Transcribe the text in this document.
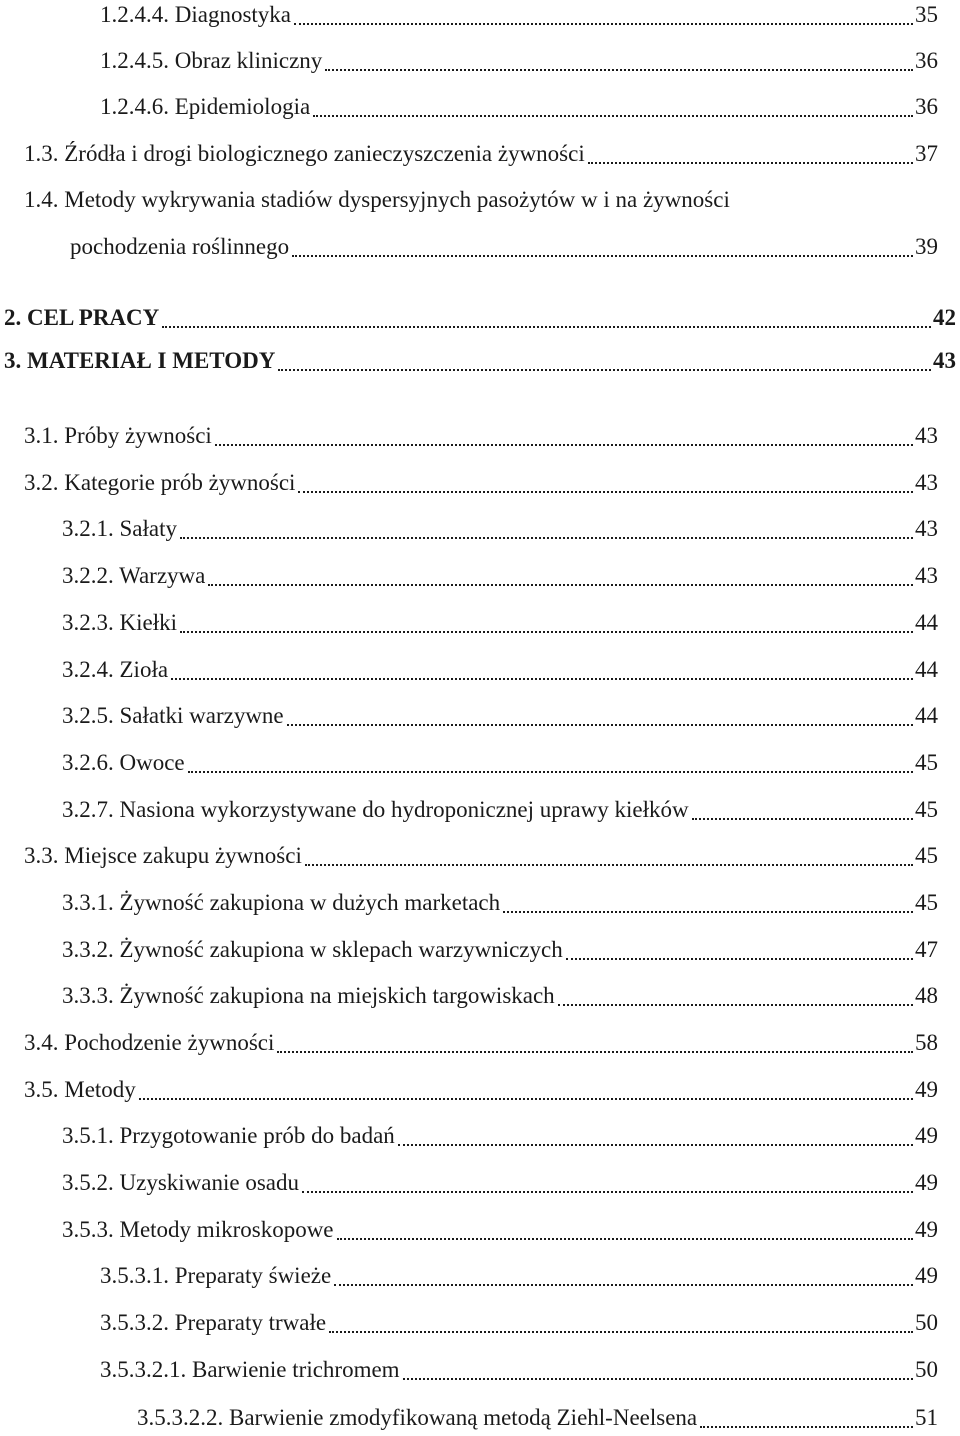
1.2.4.4. Diagnostyka	35
1.2.4.5. Obraz kliniczny	36
1.2.4.6. Epidemiologia	36
1.3. Źródła i drogi biologicznego zanieczyszczenia żywności	37
1.4. Metody wykrywania stadiów dyspersyjnych pasożytów w i na żywności
pochodzenia roślinnego	39
2. CEL PRACY	42
3. MATERIAŁ I METODY	43
3.1. Próby żywności	43
3.2. Kategorie prób żywności	43
3.2.1. Sałaty	43
3.2.2. Warzywa	43
3.2.3. Kiełki	44
3.2.4. Zioła	44
3.2.5. Sałatki warzywne	44
3.2.6. Owoce	45
3.2.7. Nasiona wykorzystywane do hydroponicznej uprawy kiełków	45
3.3. Miejsce zakupu żywności	45
3.3.1. Żywność zakupiona w dużych marketach	45
3.3.2. Żywność zakupiona w sklepach warzywniczych	47
3.3.3. Żywność zakupiona na miejskich targowiskach	48
3.4. Pochodzenie żywności	58
3.5. Metody	49
3.5.1. Przygotowanie prób do badań	49
3.5.2. Uzyskiwanie osadu	49
3.5.3. Metody mikroskopowe	49
3.5.3.1. Preparaty świeże	49
3.5.3.2. Preparaty trwałe	50
3.5.3.2.1. Barwienie trichromem	50
3.5.3.2.2. Barwienie zmodyfikowaną metodą Ziehl-Neelsena	51
